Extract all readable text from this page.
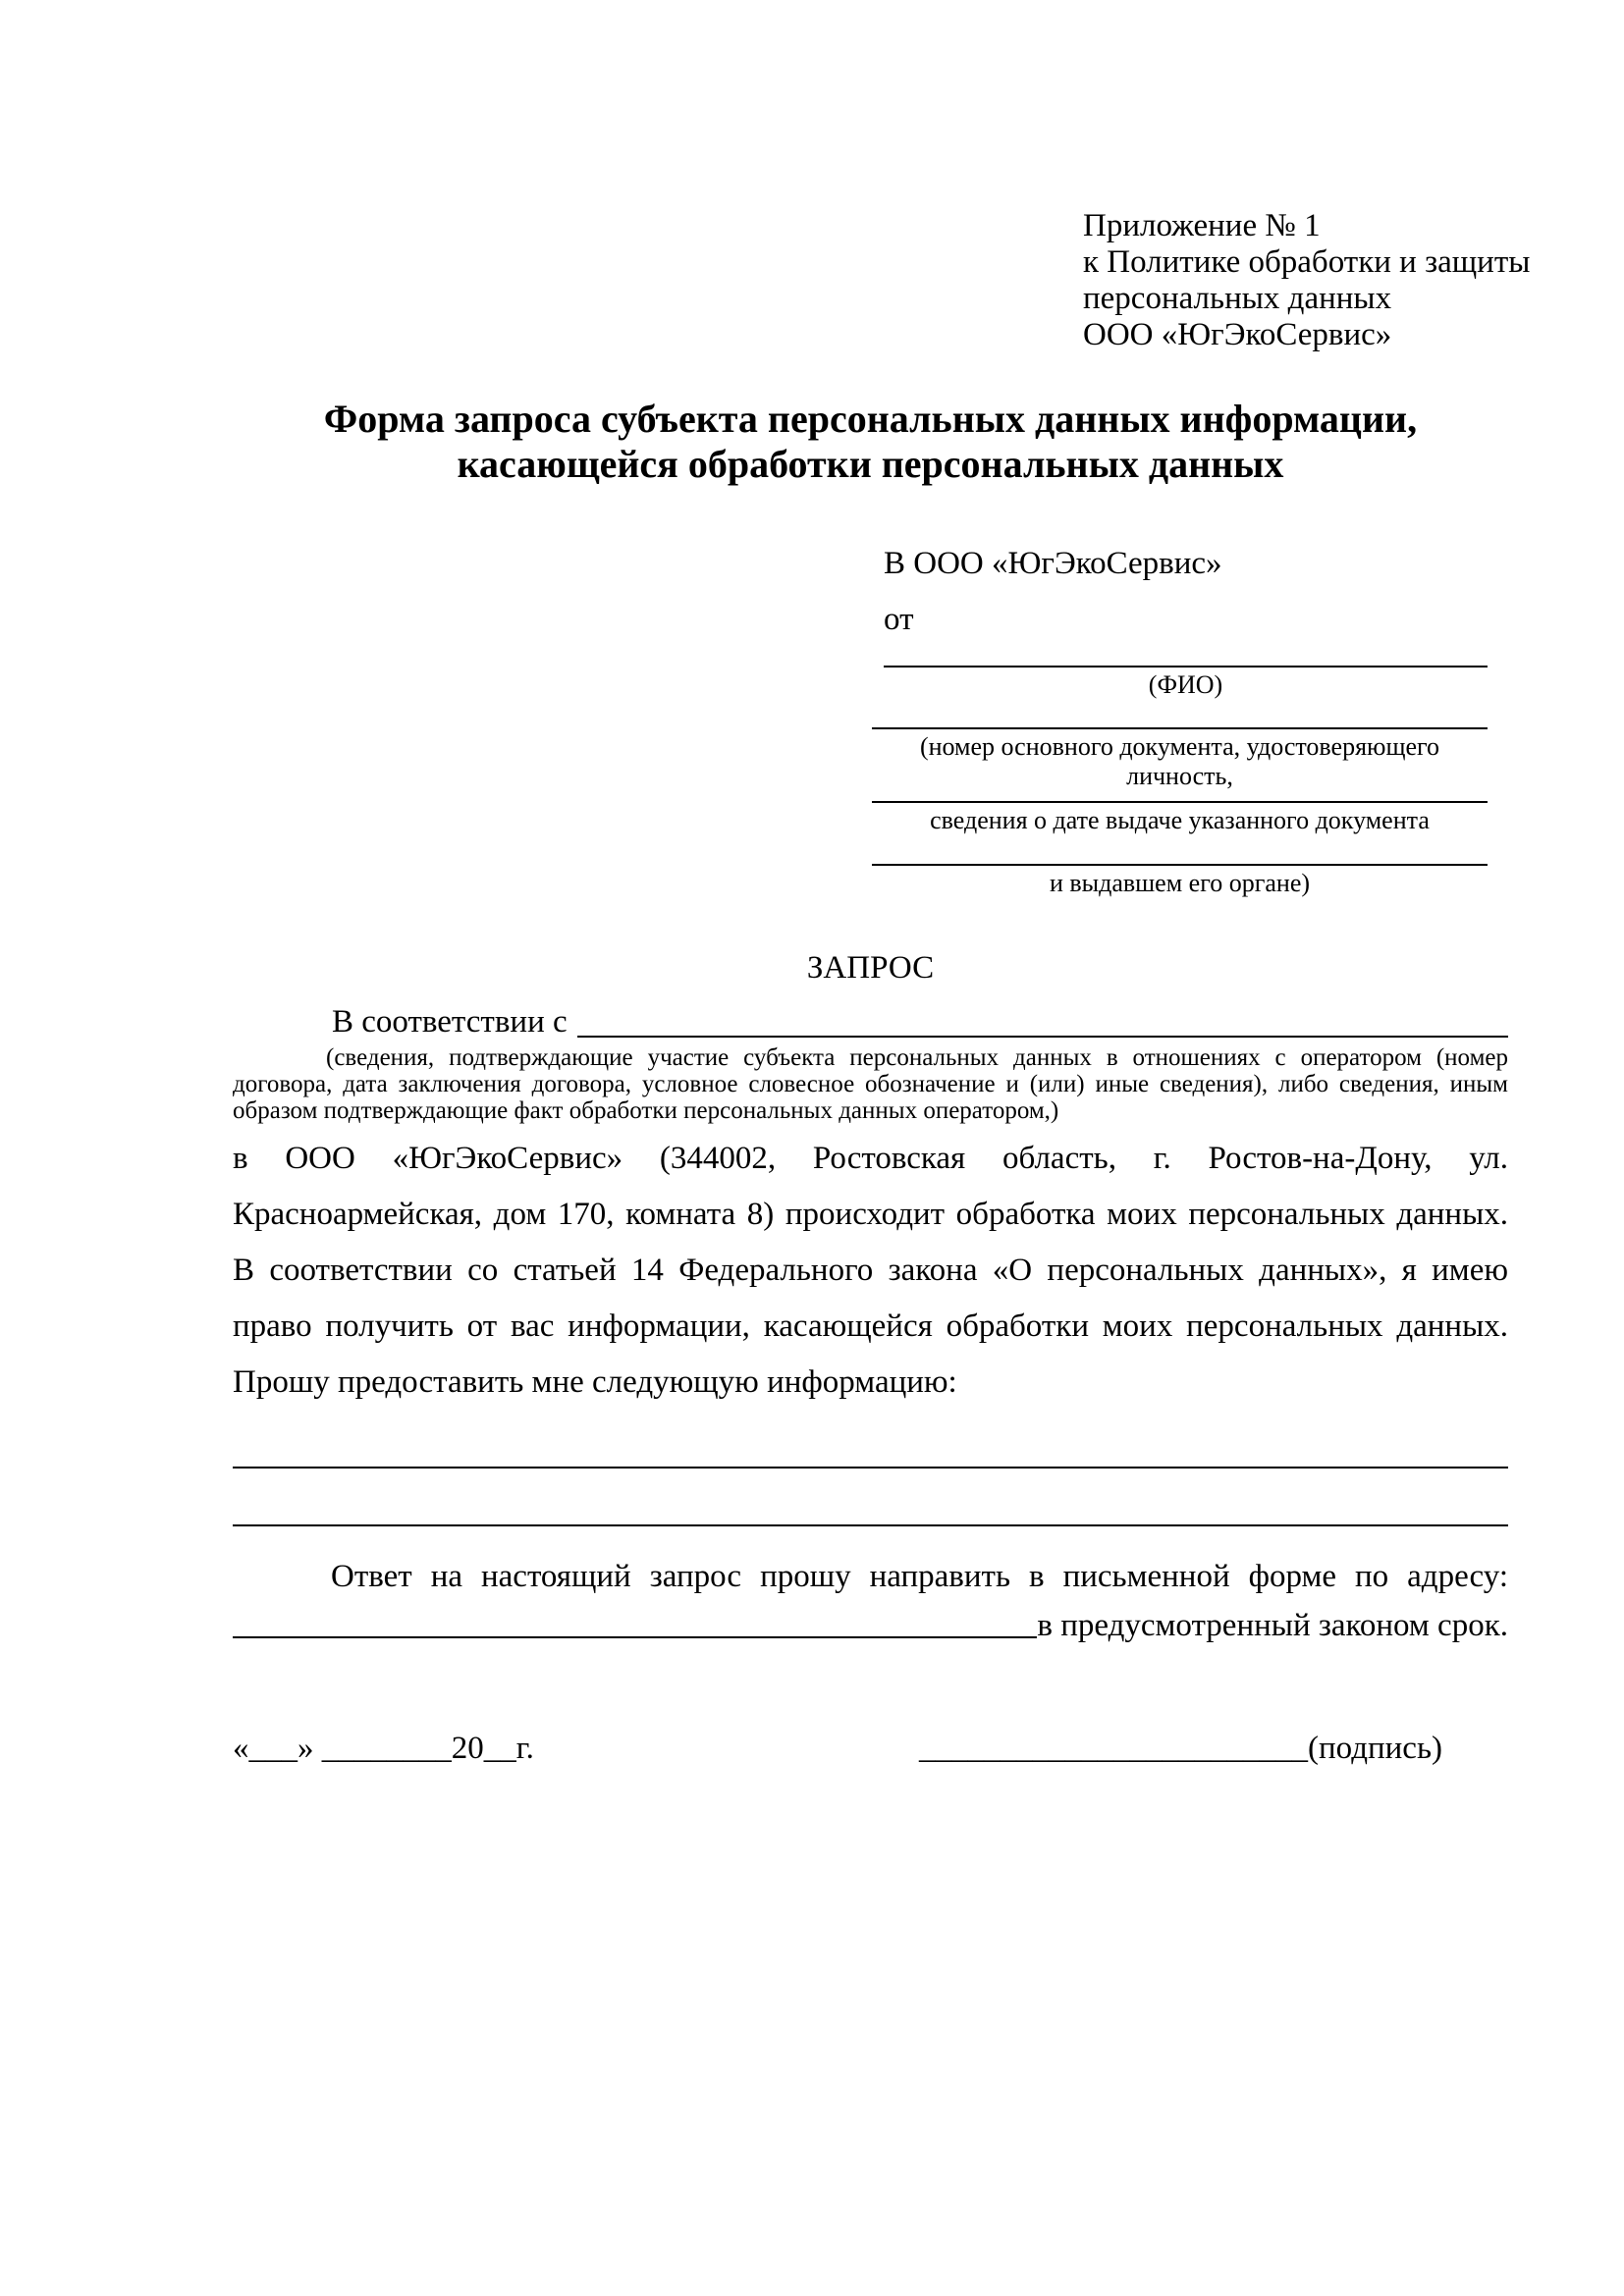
Приложение № 1
к Политике обработки и защиты
персональных данных
ООО «ЮгЭкоСервис»
Форма запроса субъекта персональных данных информации,
касающейся обработки персональных данных
В ООО «ЮгЭкоСервис»
от
(ФИО)
(номер основного документа, удостоверяющего личность,
сведения о дате выдаче указанного документа
и выдавшем его органе)
ЗАПРОС
В соответствии с
(сведения, подтверждающие участие субъекта персональных данных в отношениях с оператором (номер договора, дата заключения договора, условное словесное обозначение и (или) иные сведения), либо сведения, иным образом подтверждающие факт обработки персональных данных оператором,)
в ООО «ЮгЭкоСервис» (344002, Ростовская область, г. Ростов-на-Дону, ул. Красноармейская, дом 170, комната 8) происходит обработка моих персональных данных. В соответствии со статьей 14 Федерального закона «О персональных данных», я имею право получить от вас информации, касающейся обработки моих персональных данных. Прошу предоставить мне следующую информацию:
Ответ на настоящий запрос прошу направить в письменной форме по адресу:
в предусмотренный законом срок.
«___» ________20__г.	________________________(подпись)
